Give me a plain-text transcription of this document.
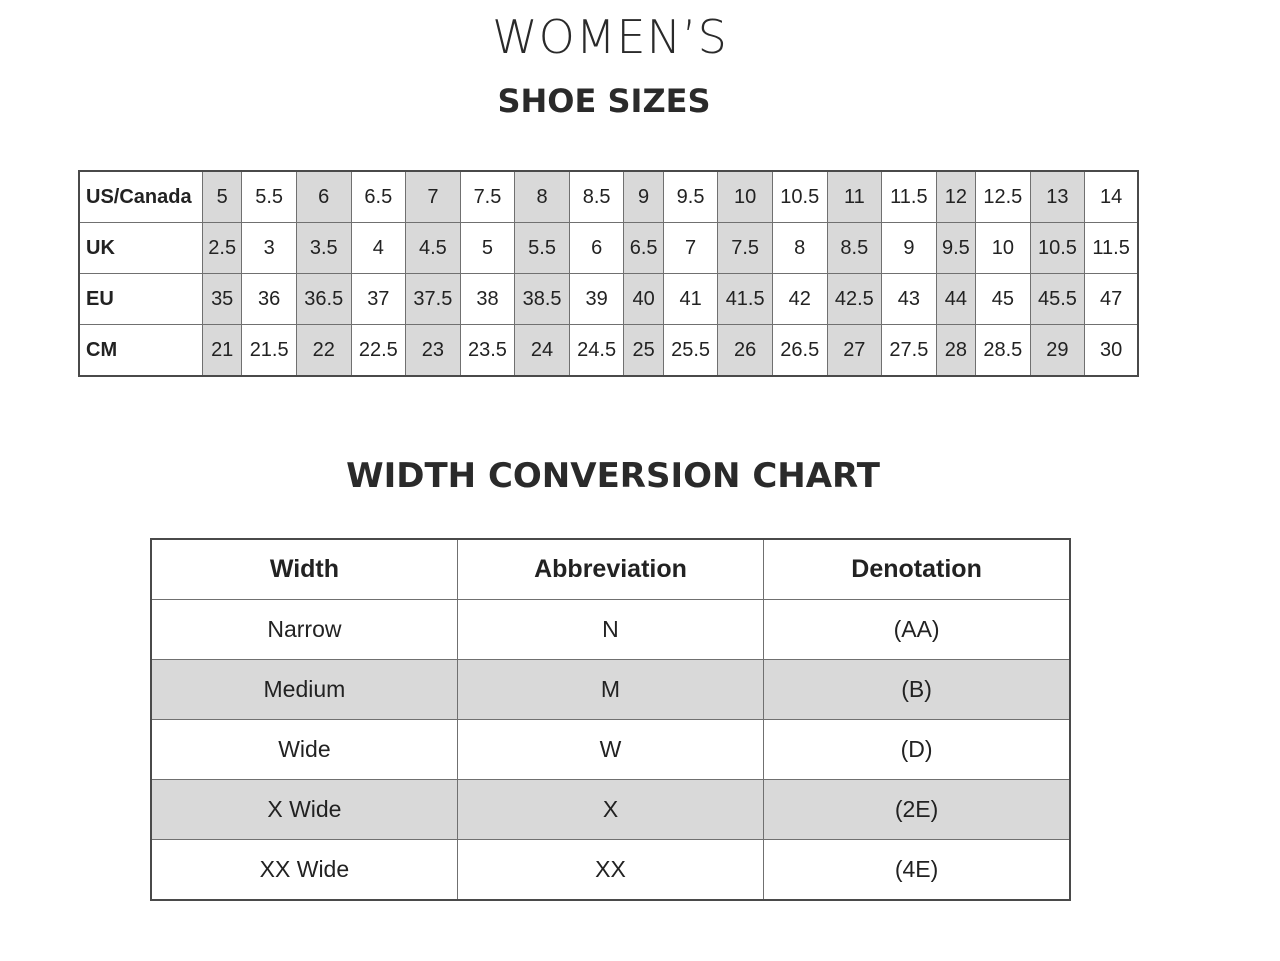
WOMEN’S
SHOE SIZES
US/Canada	5	5.5	6	6.5	7	7.5	8	8.5	9	9.5	10	10.5	11	11.5	12	12.5	13	14
UK	2.5	3	3.5	4	4.5	5	5.5	6	6.5	7	7.5	8	8.5	9	9.5	10	10.5	11.5
EU	35	36	36.5	37	37.5	38	38.5	39	40	41	41.5	42	42.5	43	44	45	45.5	47
CM	21	21.5	22	22.5	23	23.5	24	24.5	25	25.5	26	26.5	27	27.5	28	28.5	29	30
WIDTH CONVERSION CHART
Width	Abbreviation	Denotation
Narrow	N	(AA)
Medium	M	(B)
Wide	W	(D)
X Wide	X	(2E)
XX Wide	XX	(4E)
